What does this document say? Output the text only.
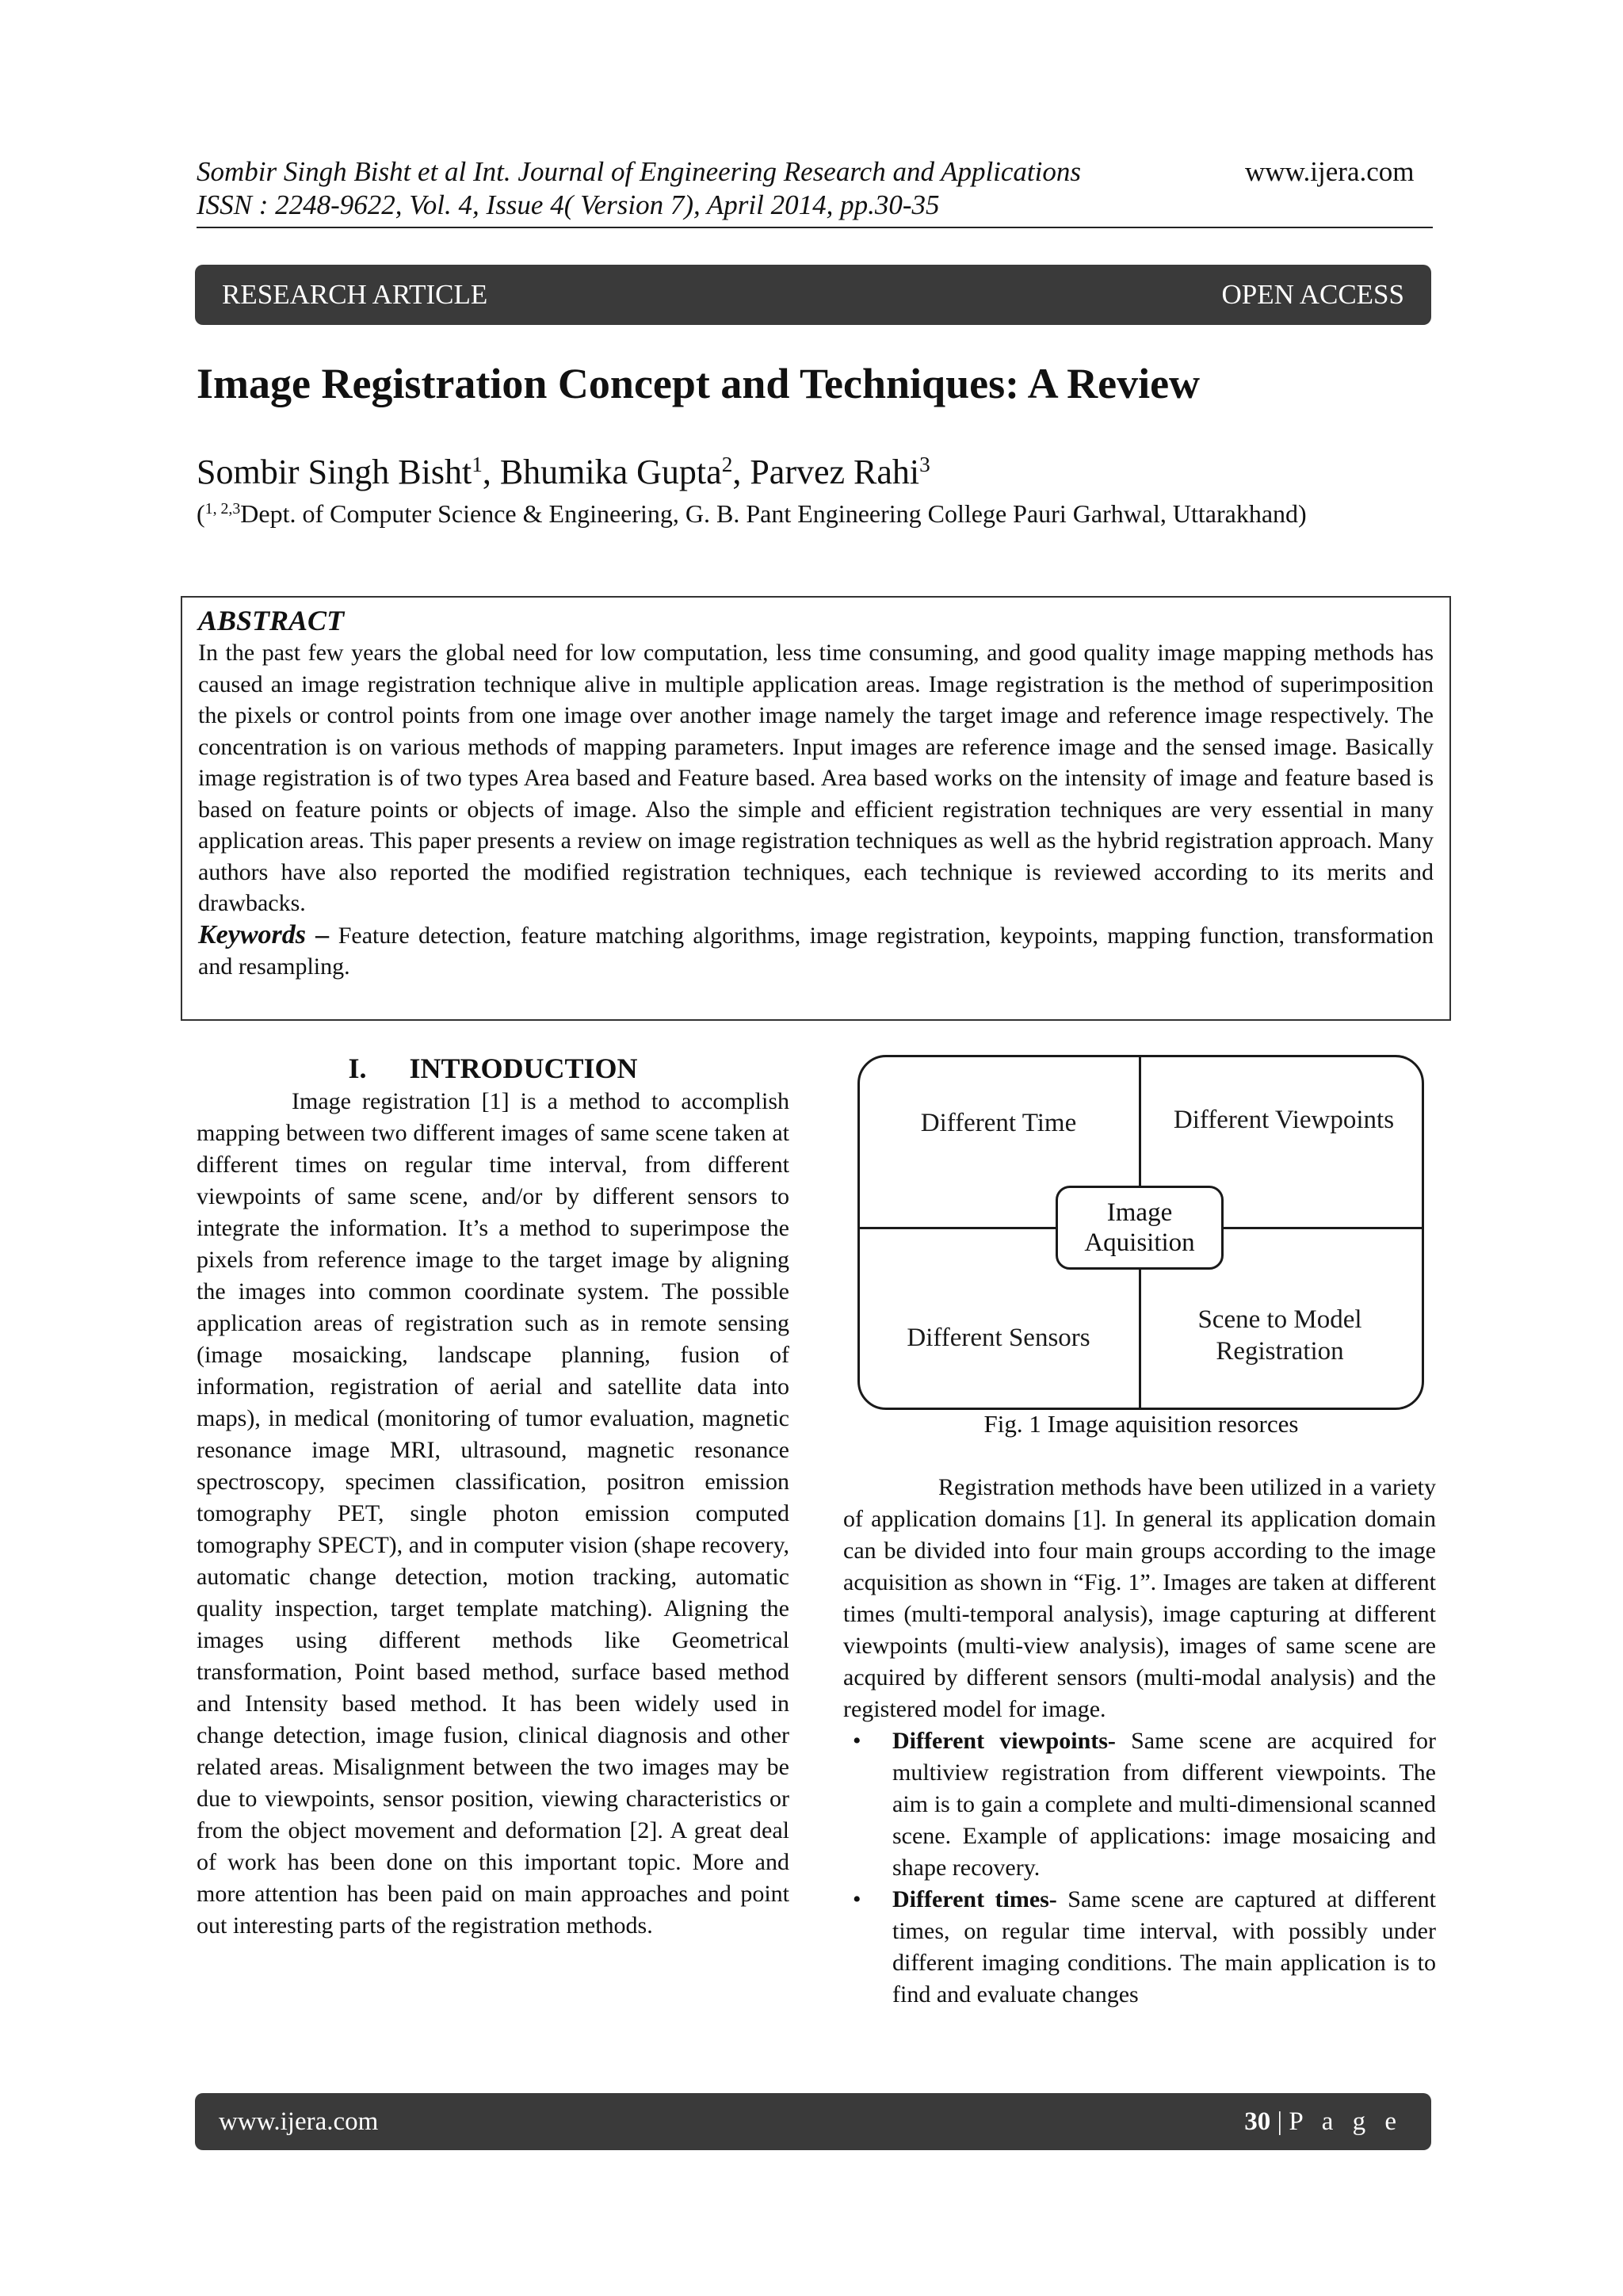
Sombir Singh Bisht et al Int. Journal of Engineering Research and Applications
ISSN : 2248-9622, Vol. 4, Issue 4( Version 7), April 2014, pp.30-35
www.ijera.com
RESEARCH ARTICLE	OPEN ACCESS
Image Registration Concept and Techniques: A Review
Sombir Singh Bisht$^1$, Bhumika Gupta$^2$, Parvez Rahi$^3$
($^{1, 2,3}$Dept. of Computer Science & Engineering, G. B. Pant Engineering College Pauri Garhwal, Uttarakhand)
ABSTRACT

In the past few years the global need for low computation, less time consuming, and good quality image mapping methods has caused an image registration technique alive in multiple application areas. Image registration is the method of superimposition the pixels or control points from one image over another image namely the target image and reference image respectively. The concentration is on various methods of mapping parameters. Input images are reference image and the sensed image. Basically image registration is of two types Area based and Feature based. Area based works on the intensity of image and feature based is based on feature points or objects of image. Also the simple and efficient registration techniques are very essential in many application areas. This paper presents a review on image registration techniques as well as the hybrid registration approach. Many authors have also reported the modified registration techniques, each technique is reviewed according to its merits and drawbacks.

Keywords – Feature detection, feature matching algorithms, image registration, keypoints, mapping function, transformation and resampling.

I.      INTRODUCTION

Image registration [1] is a method to accomplish mapping between two different images of same scene taken at different times on regular time interval, from different viewpoints of same scene, and/or by different sensors to integrate the information. It’s a method to superimpose the pixels from reference image to the target image by aligning the images into common coordinate system. The possible application areas of registration such as in remote sensing (image mosaicking, landscape planning, fusion of information, registration of aerial and satellite data into maps), in medical (monitoring of tumor evaluation, magnetic resonance image MRI, ultrasound, magnetic resonance spectroscopy, specimen classification, positron emission tomography PET, single photon emission computed tomography SPECT), and in computer vision (shape recovery, automatic change detection, motion tracking, automatic quality inspection, target template matching). Aligning the images using different methods like Geometrical transformation, Point based method, surface based method and Intensity based method. It has been widely used in change detection, image fusion, clinical diagnosis and other related areas. Misalignment between the two images may be due to viewpoints, sensor position, viewing characteristics or from the object movement and deformation [2]. A great deal of work has been done on this important topic. More and more attention has been paid on main approaches and point out interesting parts of the registration methods.

Different Time	Different Viewpoints
Different Sensors
Scene to Model
Registration
Image
Aquisition
Fig. 1 Image aquisition resorces

Registration methods have been utilized in a variety of application domains [1]. In general its application domain can be divided into four main groups according to the image acquisition as shown in “Fig. 1”. Images are taken at different times (multi-temporal analysis), image capturing at different viewpoints (multi-view analysis), images of same scene are acquired by different sensors (multi-modal analysis) and the registered model for image.

• Different viewpoints- Same scene are acquired for multiview registration from different viewpoints. The aim is to gain a complete and multi-dimensional scanned scene. Example of applications: image mosaicing and shape recovery.

• Different times- Same scene are captured at different times, on regular time interval, with possibly under different imaging conditions. The main application is to find and evaluate changes

www.ijera.com	30 | P a g e
